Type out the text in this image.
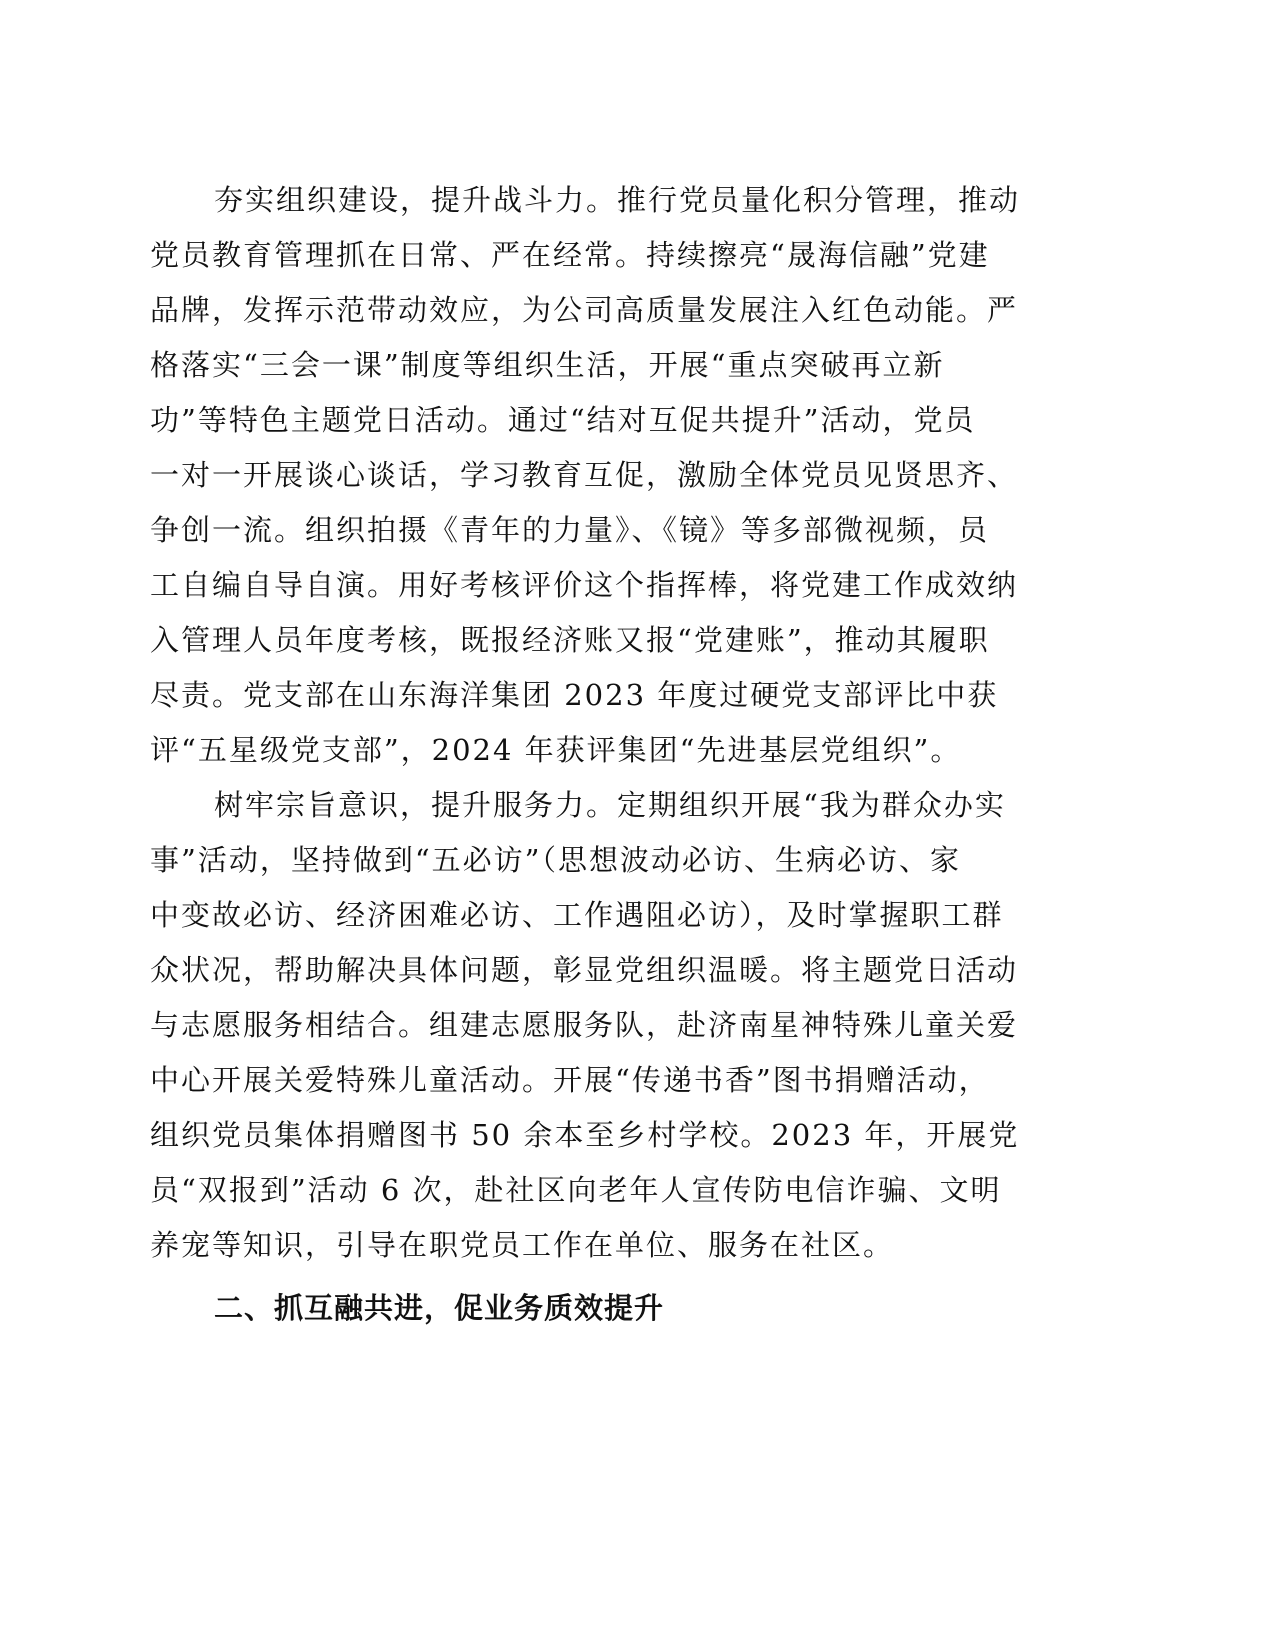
夯实组织建设，提升战斗力。推行党员量化积分管理，推动
党员教育管理抓在日常、严在经常。持续擦亮“晟海信融”党建
品牌，发挥示范带动效应，为公司高质量发展注入红色动能。严
格落实“三会一课”制度等组织生活，开展“重点突破再立新
功”等特色主题党日活动。通过“结对互促共提升”活动，党员
一对一开展谈心谈话，学习教育互促，激励全体党员见贤思齐、
争创一流。组织拍摄《青年的力量》、《镜》等多部微视频，员
工自编自导自演。用好考核评价这个指挥棒，将党建工作成效纳
入管理人员年度考核，既报经济账又报“党建账”，推动其履职
尽责。党支部在山东海洋集团 2023 年度过硬党支部评比中获
评“五星级党支部”，2024 年获评集团“先进基层党组织”。
树牢宗旨意识，提升服务力。定期组织开展“我为群众办实
事”活动，坚持做到“五必访”（思想波动必访、生病必访、家
中变故必访、经济困难必访、工作遇阻必访），及时掌握职工群
众状况，帮助解决具体问题，彰显党组织温暖。将主题党日活动
与志愿服务相结合。组建志愿服务队，赴济南星神特殊儿童关爱
中心开展关爱特殊儿童活动。开展“传递书香”图书捐赠活动，
组织党员集体捐赠图书 50 余本至乡村学校。2023 年，开展党
员“双报到”活动 6 次，赴社区向老年人宣传防电信诈骗、文明
养宠等知识，引导在职党员工作在单位、服务在社区。
二、抓互融共进，促业务质效提升
